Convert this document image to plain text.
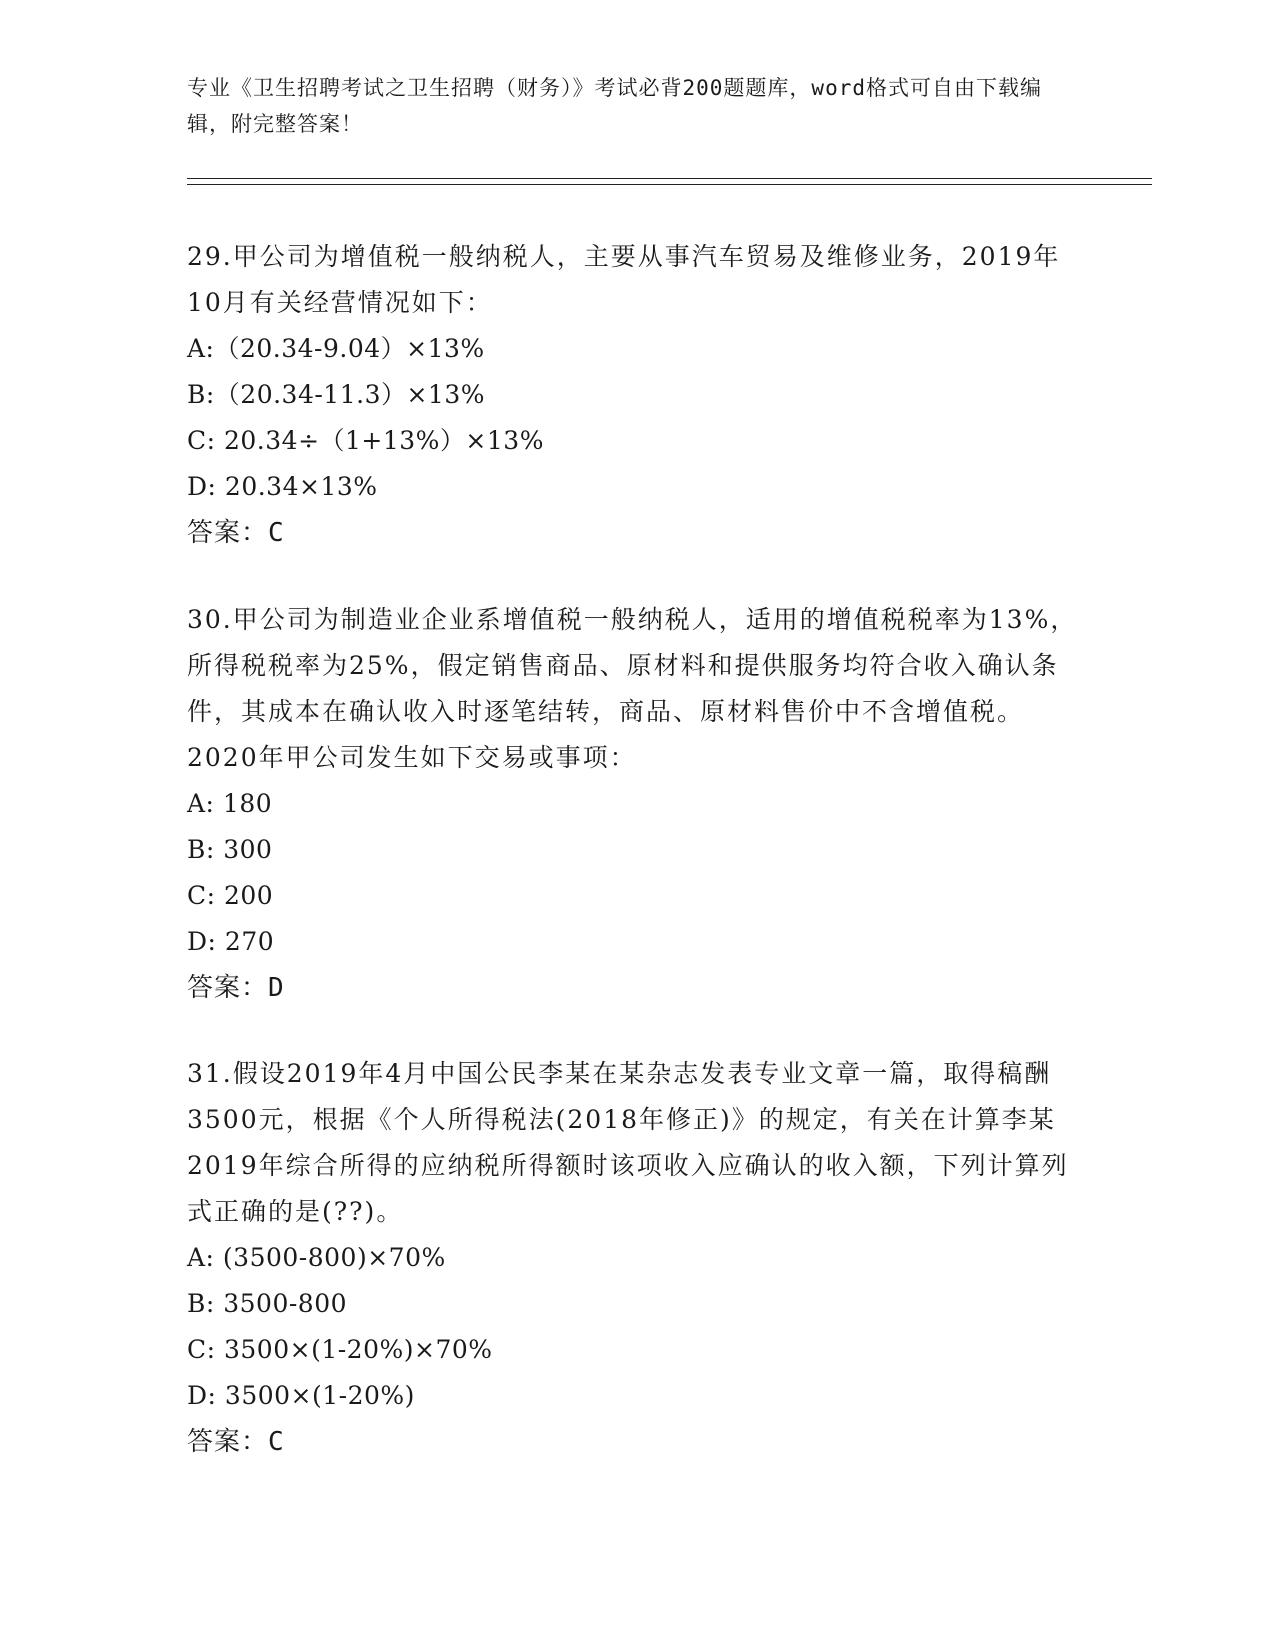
专业《卫生招聘考试之卫生招聘（财务）》考试必背200题题库，word格式可自由下载编辑，附完整答案！

29.甲公司为增值税一般纳税人，主要从事汽车贸易及维修业务，2019年10月有关经营情况如下：

A:（20.34-9.04）×13%

B:（20.34-11.3）×13%

C: 20.34÷（1+13%）×13%

D: 20.34×13%

答案：C

30.甲公司为制造业企业系增值税一般纳税人，适用的增值税税率为13%，所得税税率为25%，假定销售商品、原材料和提供服务均符合收入确认条件，其成本在确认收入时逐笔结转，商品、原材料售价中不含增值税。2020年甲公司发生如下交易或事项：

A: 180

B: 300

C: 200

D: 270

答案：D

31.假设2019年4月中国公民李某在某杂志发表专业文章一篇，取得稿酬3500元，根据《个人所得税法(2018年修正)》的规定，有关在计算李某2019年综合所得的应纳税所得额时该项收入应确认的收入额，下列计算列式正确的是(??)。

A: (3500-800)×70%

B: 3500-800

C: 3500×(1-20%)×70%

D: 3500×(1-20%)

答案：C
